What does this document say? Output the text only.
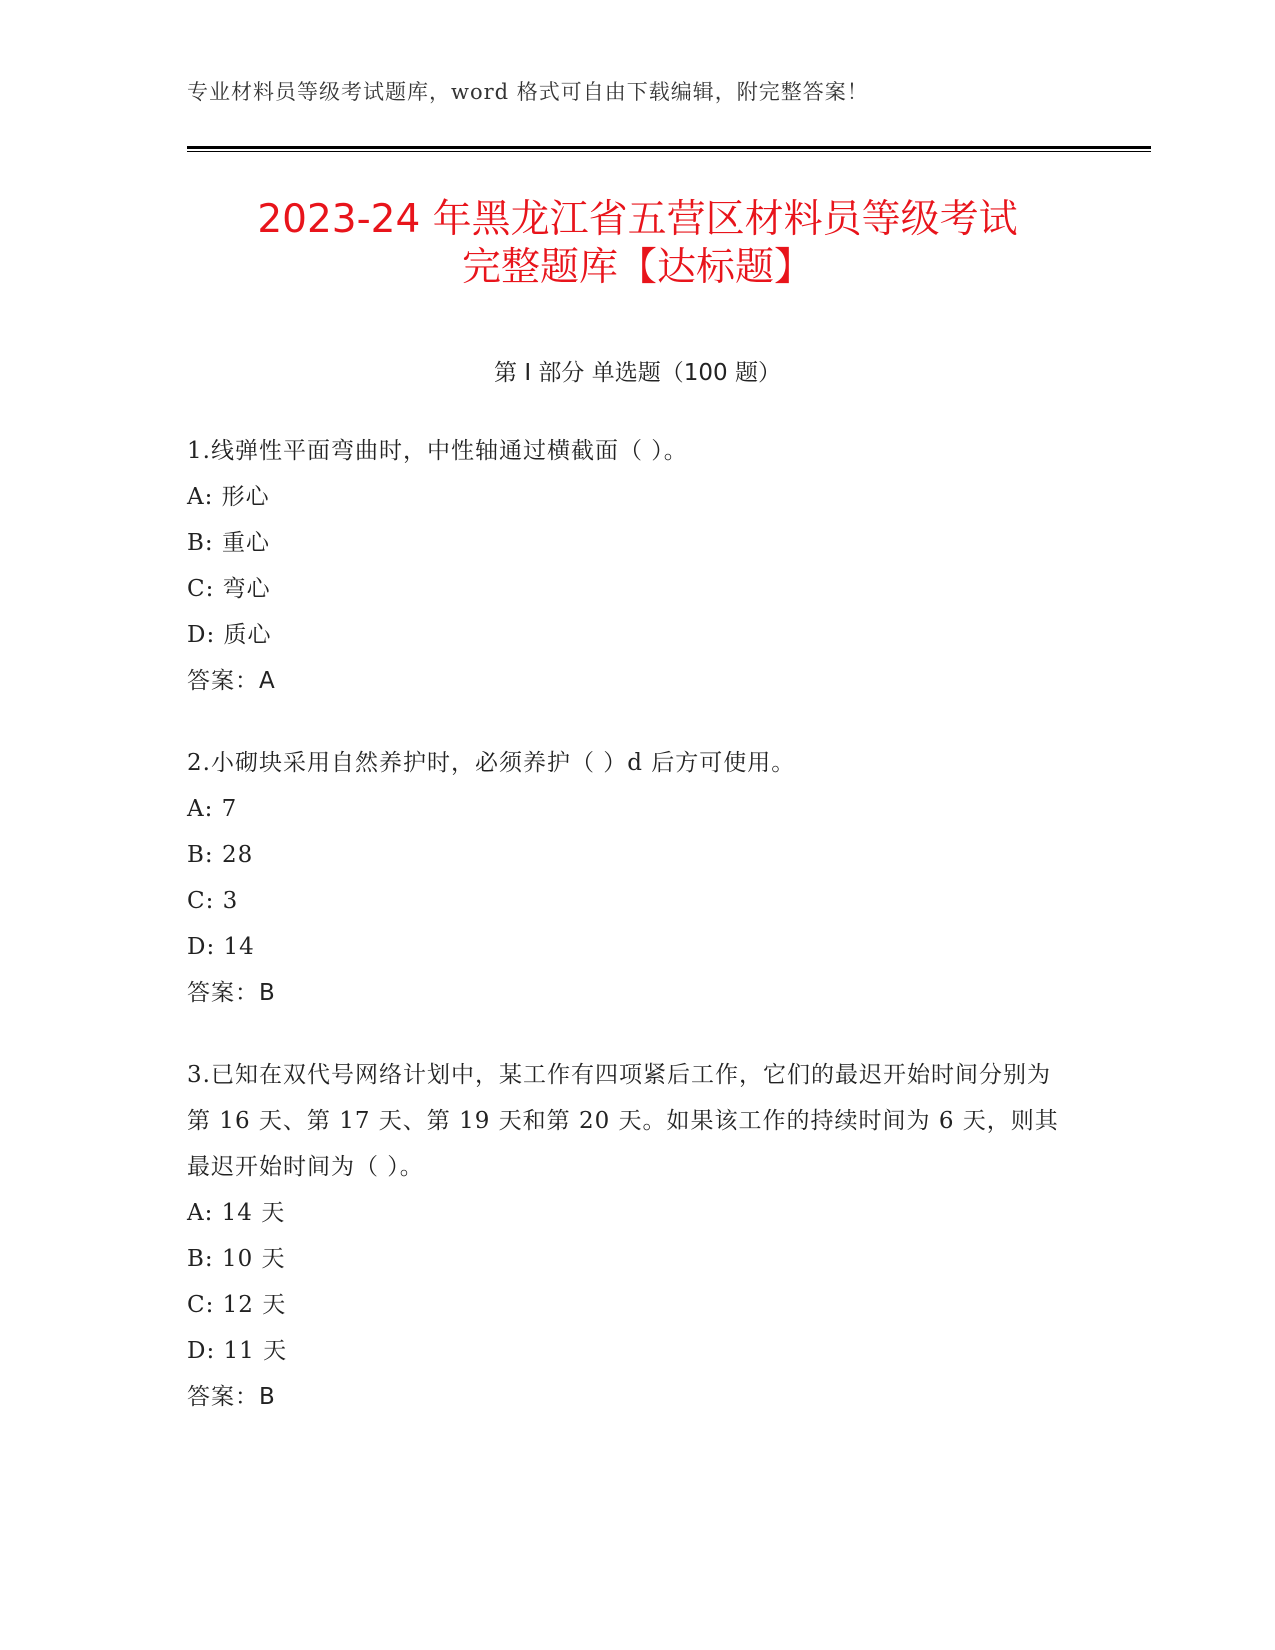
专业材料员等级考试题库，word 格式可自由下载编辑，附完整答案！
2023-24 年黑龙江省五营区材料员等级考试
完整题库【达标题】
第 I 部分 单选题（100 题）
1.线弹性平面弯曲时，中性轴通过横截面（ ）。
A: 形心
B: 重心
C: 弯心
D: 质心
答案：A
2.小砌块采用自然养护时，必须养护（ ）d 后方可使用。
A: 7
B: 28
C: 3
D: 14
答案：B
3.已知在双代号网络计划中，某工作有四项紧后工作，它们的最迟开始时间分别为第 16 天、第 17 天、第 19 天和第 20 天。如果该工作的持续时间为 6 天，则其最迟开始时间为（ ）。
A: 14 天
B: 10 天
C: 12 天
D: 11 天
答案：B
